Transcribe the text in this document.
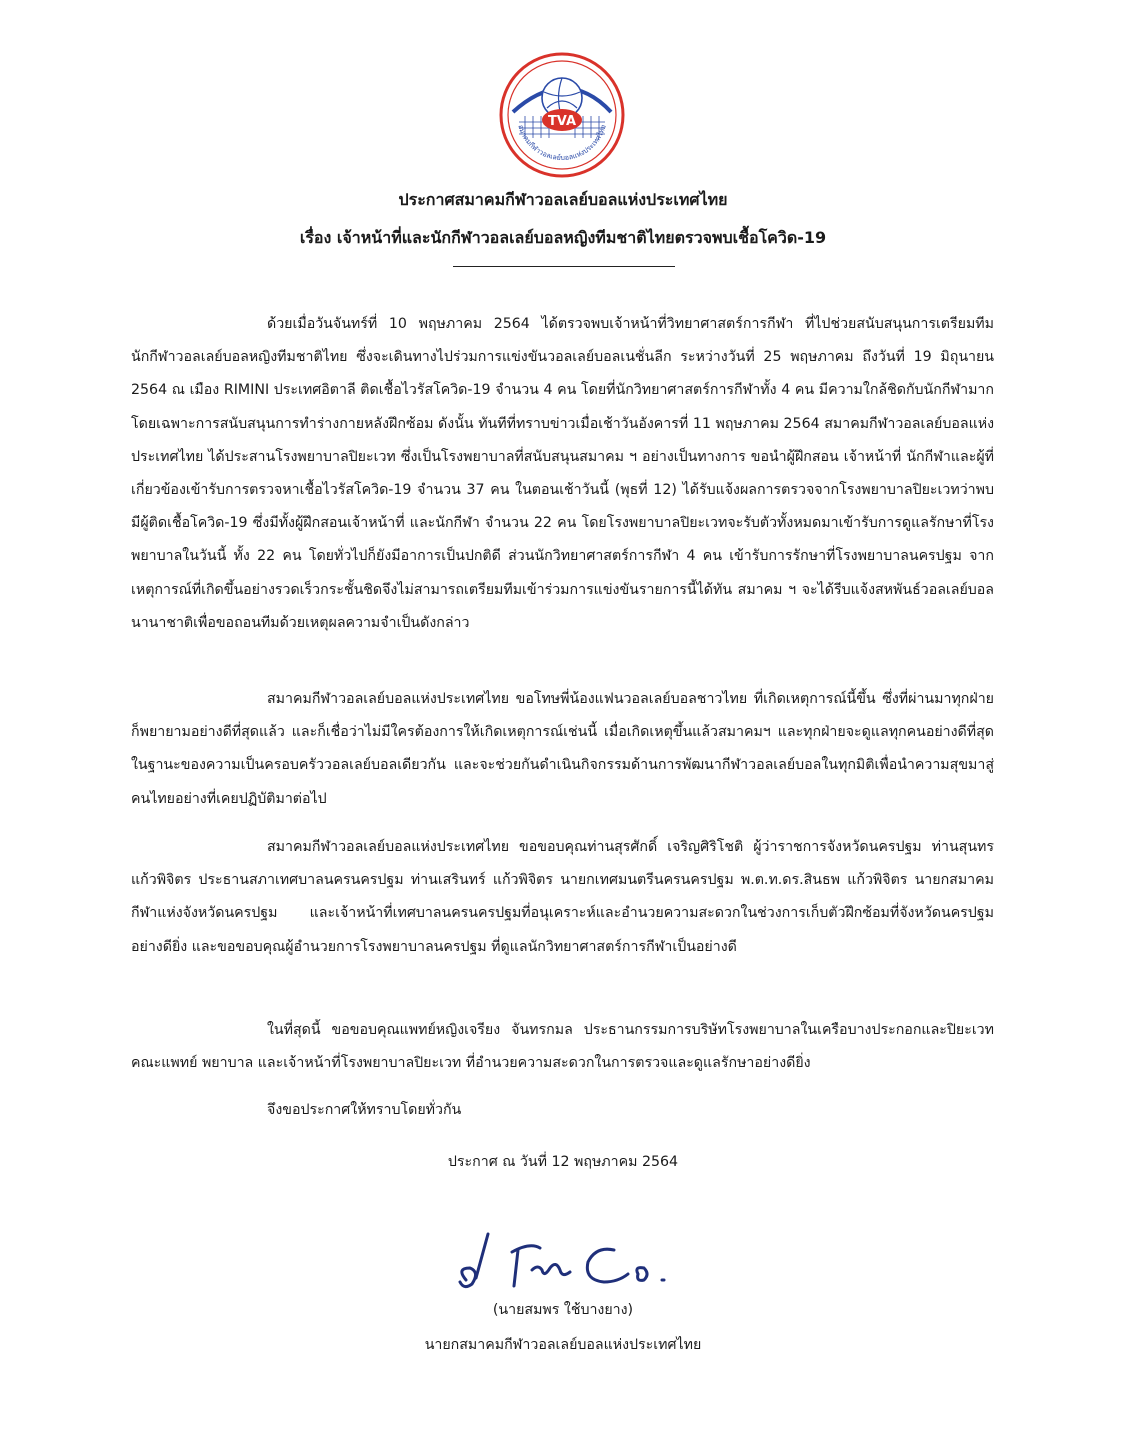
TVA
สมาคมกีฬาวอลเลย์บอลแห่งประเทศไทย
ประกาศสมาคมกีฬาวอลเลย์บอลแห่งประเทศไทย
เรื่อง เจ้าหน้าที่และนักกีฬาวอลเลย์บอลหญิงทีมชาติไทยตรวจพบเชื้อโควิด-19

ด้วยเมื่อวันจันทร์ที่ 10 พฤษภาคม 2564 ได้ตรวจพบเจ้าหน้าที่วิทยาศาสตร์การกีฬา ที่ไปช่วยสนับสนุนการเตรียมทีมนักกีฬาวอลเลย์บอลหญิงทีมชาติไทย ซึ่งจะเดินทางไปร่วมการแข่งขันวอลเลย์บอลเนชั่นลีก ระหว่างวันที่ 25 พฤษภาคม ถึงวันที่ 19 มิถุนายน 2564 ณ เมือง RIMINI ประเทศอิตาลี ติดเชื้อไวรัสโควิด-19 จำนวน 4 คน โดยที่นักวิทยาศาสตร์การกีฬาทั้ง 4 คน มีความใกล้ชิดกับนักกีฬามากโดยเฉพาะการสนับสนุนการทำร่างกายหลังฝึกซ้อม ดังนั้น ทันทีที่ทราบข่าวเมื่อเช้าวันอังคารที่ 11 พฤษภาคม 2564 สมาคมกีฬาวอลเลย์บอลแห่งประเทศไทย ได้ประสานโรงพยาบาลปิยะเวท ซึ่งเป็นโรงพยาบาลที่สนับสนุนสมาคม ฯ อย่างเป็นทางการ ขอนำผู้ฝึกสอน เจ้าหน้าที่ นักกีฬาและผู้ที่เกี่ยวข้องเข้ารับการตรวจหาเชื้อไวรัสโควิด-19 จำนวน 37 คน ในตอนเช้าวันนี้ (พุธที่ 12) ได้รับแจ้งผลการตรวจจากโรงพยาบาลปิยะเวทว่าพบมีผู้ติดเชื้อโควิด-19 ซึ่งมีทั้งผู้ฝึกสอนเจ้าหน้าที่ และนักกีฬา จำนวน 22 คน โดยโรงพยาบาลปิยะเวทจะรับตัวทั้งหมดมาเข้ารับการดูแลรักษาที่โรงพยาบาลในวันนี้ ทั้ง 22 คน โดยทั่วไปก็ยังมีอาการเป็นปกติดี ส่วนนักวิทยาศาสตร์การกีฬา 4 คน เข้ารับการรักษาที่โรงพยาบาลนครปฐม จากเหตุการณ์ที่เกิดขึ้นอย่างรวดเร็วกระชั้นชิดจึงไม่สามารถเตรียมทีมเข้าร่วมการแข่งขันรายการนี้ได้ทัน สมาคม ฯ จะได้รีบแจ้งสหพันธ์วอลเลย์บอลนานาชาติเพื่อขอถอนทีมด้วยเหตุผลความจำเป็นดังกล่าว

สมาคมกีฬาวอลเลย์บอลแห่งประเทศไทย ขอโทษพี่น้องแฟนวอลเลย์บอลชาวไทย ที่เกิดเหตุการณ์นี้ขึ้น ซึ่งที่ผ่านมาทุกฝ่ายก็พยายามอย่างดีที่สุดแล้ว และก็เชื่อว่าไม่มีใครต้องการให้เกิดเหตุการณ์เช่นนี้ เมื่อเกิดเหตุขึ้นแล้วสมาคมฯ และทุกฝ่ายจะดูแลทุกคนอย่างดีที่สุดในฐานะของความเป็นครอบครัววอลเลย์บอลเดียวกัน และจะช่วยกันดำเนินกิจกรรมด้านการพัฒนากีฬาวอลเลย์บอลในทุกมิติเพื่อนำความสุขมาสู่คนไทยอย่างที่เคยปฏิบัติมาต่อไป

สมาคมกีฬาวอลเลย์บอลแห่งประเทศไทย ขอขอบคุณท่านสุรศักดิ์ เจริญศิริโชติ ผู้ว่าราชการจังหวัดนครปฐม ท่านสุนทร แก้วพิจิตร ประธานสภาเทศบาลนครนครปฐม ท่านเสรินทร์ แก้วพิจิตร นายกเทศมนตรีนครนครปฐม พ.ต.ท.ดร.สินธพ แก้วพิจิตร นายกสมาคมกีฬาแห่งจังหวัดนครปฐม และเจ้าหน้าที่เทศบาลนครนครปฐมที่อนุเคราะห์และอำนวยความสะดวกในช่วงการเก็บตัวฝึกซ้อมที่จังหวัดนครปฐม อย่างดียิ่ง และขอขอบคุณผู้อำนวยการโรงพยาบาลนครปฐม ที่ดูแลนักวิทยาศาสตร์การกีฬาเป็นอย่างดี

ในที่สุดนี้ ขอขอบคุณแพทย์หญิงเจรียง จันทรกมล ประธานกรรมการบริษัทโรงพยาบาลในเครือบางประกอกและปิยะเวท คณะแพทย์ พยาบาล และเจ้าหน้าที่โรงพยาบาลปิยะเวท ที่อำนวยความสะดวกในการตรวจและดูแลรักษาอย่างดียิ่ง

จึงขอประกาศให้ทราบโดยทั่วกัน

ประกาศ ณ วันที่ 12 พฤษภาคม 2564
(นายสมพร ใช้บางยาง)
นายกสมาคมกีฬาวอลเลย์บอลแห่งประเทศไทย
